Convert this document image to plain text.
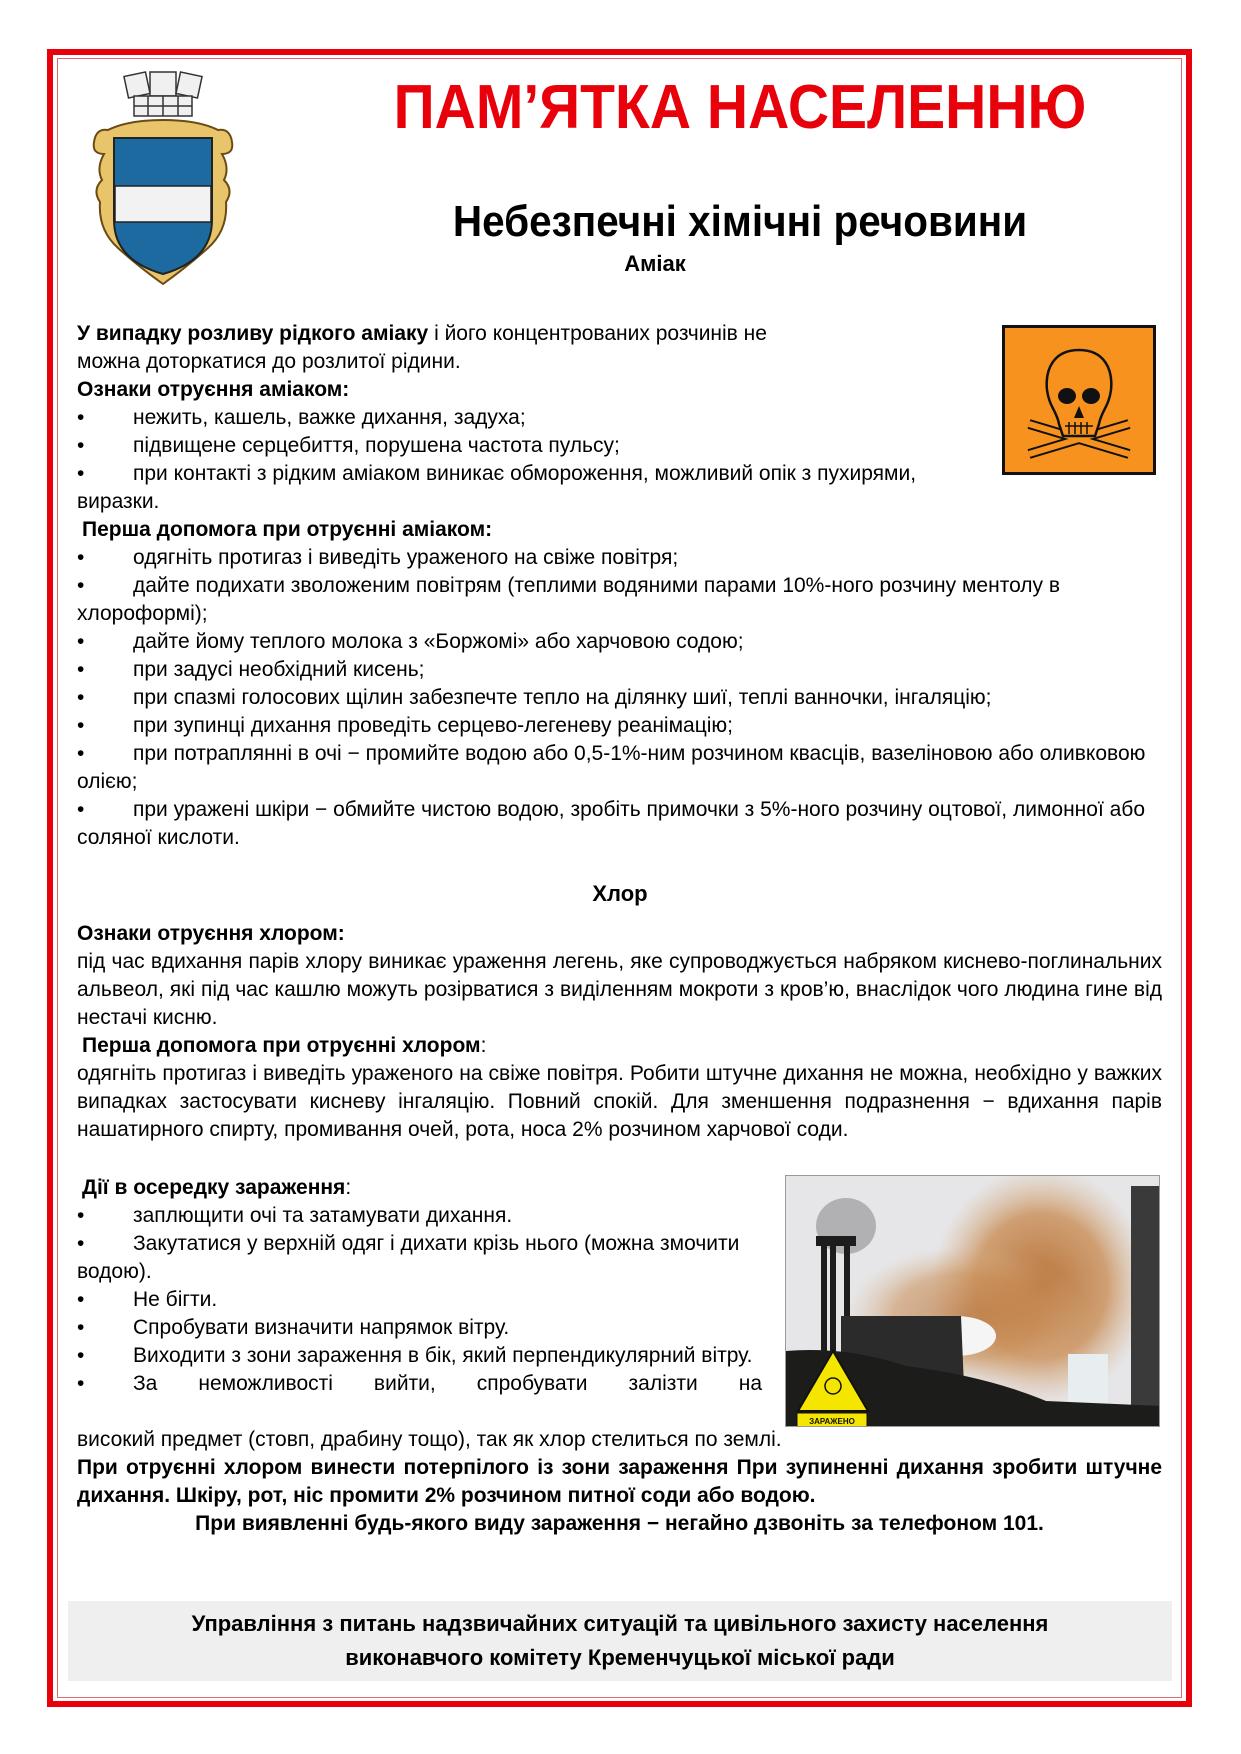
ПАМ’ЯТКА НАСЕЛЕННЮ
Небезпечні хімічні речовини
Аміак

У випадку розливу рідкого аміаку і його концентрованих розчинів не

можна доторкатися до розлитої рідини.

Ознаки отруєння аміаком:

•	нежить, кашель, важке дихання, задуха;
•	підвищене серцебиття, порушена частота пульсу;
•	при контакті з рідким аміаком виникає обмороження, можливий опік з пухирями, виразки.

Перша допомога при отруєнні аміаком:

•	одягніть протигаз і виведіть ураженого на свіже повітря;
•	дайте подихати зволоженим повітрям (теплими водяними парами 10%-ного розчину ментолу в хлороформі);
•	дайте йому теплого молока з «Боржомі» або харчовою содою;
•	при задусі необхідний кисень;
•	при спазмі голосових щілин забезпечте тепло на ділянку шиї, теплі ванночки, інгаляцію;
•	при зупинці дихання проведіть серцево-легеневу реанімацію;
•	при потраплянні в очі − промийте водою або 0,5-1%-ним розчином квасців, вазеліновою або оливковою олією;
•	при уражені шкіри − обмийте чистою водою, зробіть примочки з 5%-ного розчину оцтової, лимонної або соляної кислоти.
Хлор

Ознаки отруєння хлором:

під час вдихання парів хлору виникає ураження легень, яке супроводжується набряком киснево-поглинальних альвеол, які під час кашлю можуть розірватися з виділенням мокроти з кров’ю, внаслідок чого людина гине від нестачі кисню.

Перша допомога при отруєнні хлором:

одягніть протигаз і виведіть ураженого на свіже повітря. Робити штучне дихання не можна, необхідно у важких випадках застосувати кисневу інгаляцію. Повний спокій. Для зменшення подразнення − вдихання парів нашатирного спирту, промивання очей, рота, носа 2% розчином харчової соди.

Дії в осередку зараження:

•	заплющити очі та затамувати дихання.
•	Закутатися у верхній одяг і дихати крізь нього (можна змочити водою).
•	Не бігти.
•	Спробувати визначити напрямок вітру.
•	Виходити з зони зараження в бік, який перпендикулярний вітру.
•	За неможливості вийти, спробувати залізти на
ЗАРАЖЕНО

високий предмет (стовп, драбину тощо), так як хлор стелиться по землі.

При отруєнні хлором винести потерпілого із зони зараження При зупиненні дихання зробити штучне дихання. Шкіру, рот, ніс промити 2% розчином питної соди або водою.

При виявленні будь-якого виду зараження − негайно дзвоніть за телефоном 101.

Управління з питань надзвичайних ситуацій та цивільного захисту населення
виконавчого комітету Кременчуцької міської ради
